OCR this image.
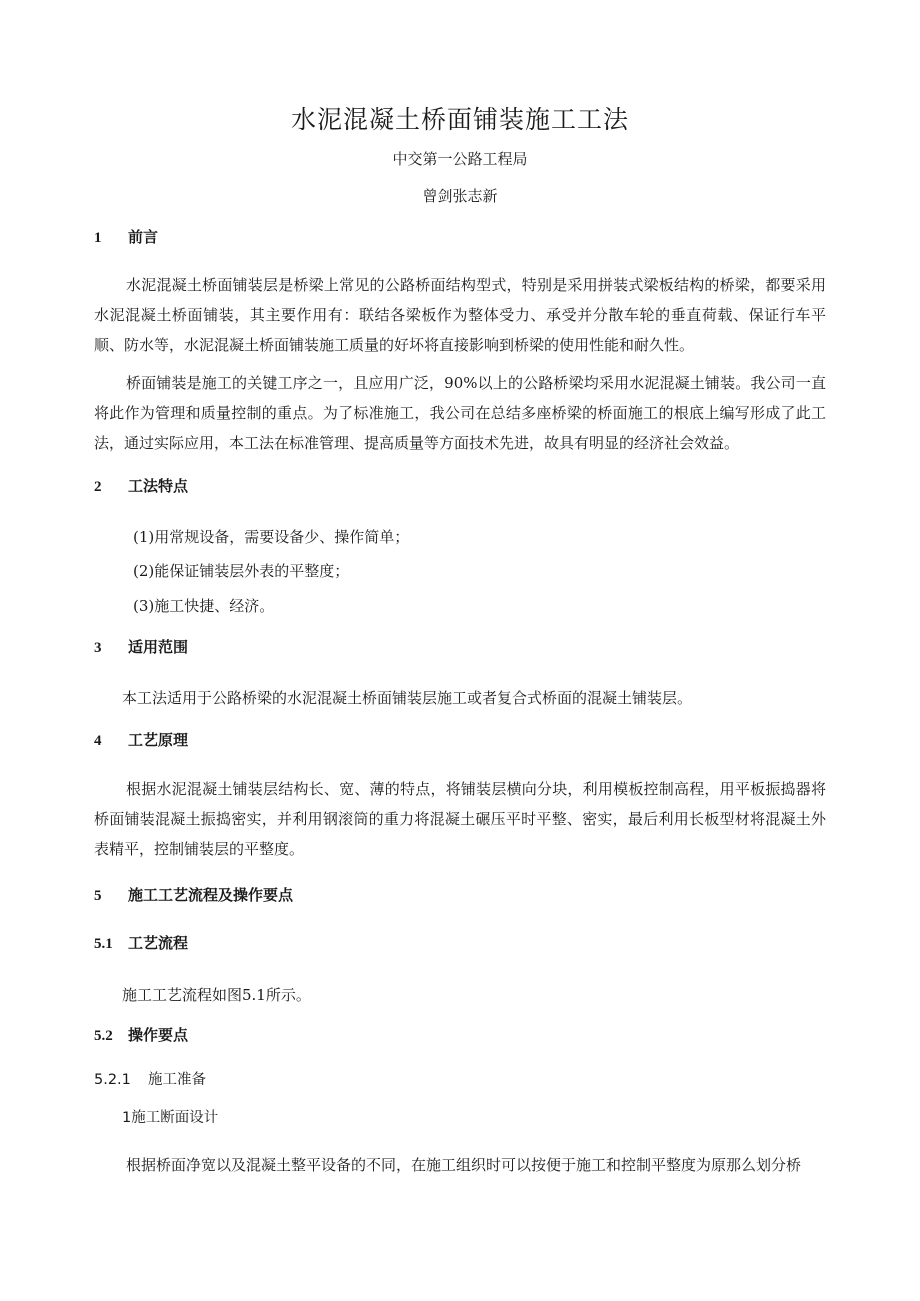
水泥混凝土桥面铺装施工工法
中交第一公路工程局
曾剑张志新
1 前言
水泥混凝土桥面铺装层是桥梁上常见的公路桥面结构型式，特别是采用拼装式梁板结构的桥梁，都要采用水泥混凝土桥面铺装，其主要作用有：联结各梁板作为整体受力、承受并分散车轮的垂直荷载、保证行车平顺、防水等，水泥混凝土桥面铺装施工质量的好坏将直接影响到桥梁的使用性能和耐久性。
桥面铺装是施工的关键工序之一，且应用广泛，90%以上的公路桥梁均采用水泥混凝土铺装。我公司一直将此作为管理和质量控制的重点。为了标准施工，我公司在总结多座桥梁的桥面施工的根底上编写形成了此工法，通过实际应用，本工法在标准管理、提高质量等方面技术先进，故具有明显的经济社会效益。
2 工法特点
(1)用常规设备，需要设备少、操作简单；
(2)能保证铺装层外表的平整度；
(3)施工快捷、经济。
3 适用范围
本工法适用于公路桥梁的水泥混凝土桥面铺装层施工或者复合式桥面的混凝土铺装层。
4 工艺原理
根据水泥混凝土铺装层结构长、宽、薄的特点，将铺装层横向分块，利用模板控制高程，用平板振捣器将桥面铺装混凝土振捣密实，并利用钢滚筒的重力将混凝土碾压平时平整、密实，最后利用长板型材将混凝土外表精平，控制铺装层的平整度。
5 施工工艺流程及操作要点
5.1 工艺流程
施工工艺流程如图5.1所示。
5.2 操作要点
5.2.1 施工准备
1施工断面设计
根据桥面净宽以及混凝土整平设备的不同，在施工组织时可以按便于施工和控制平整度为原那么划分桥
